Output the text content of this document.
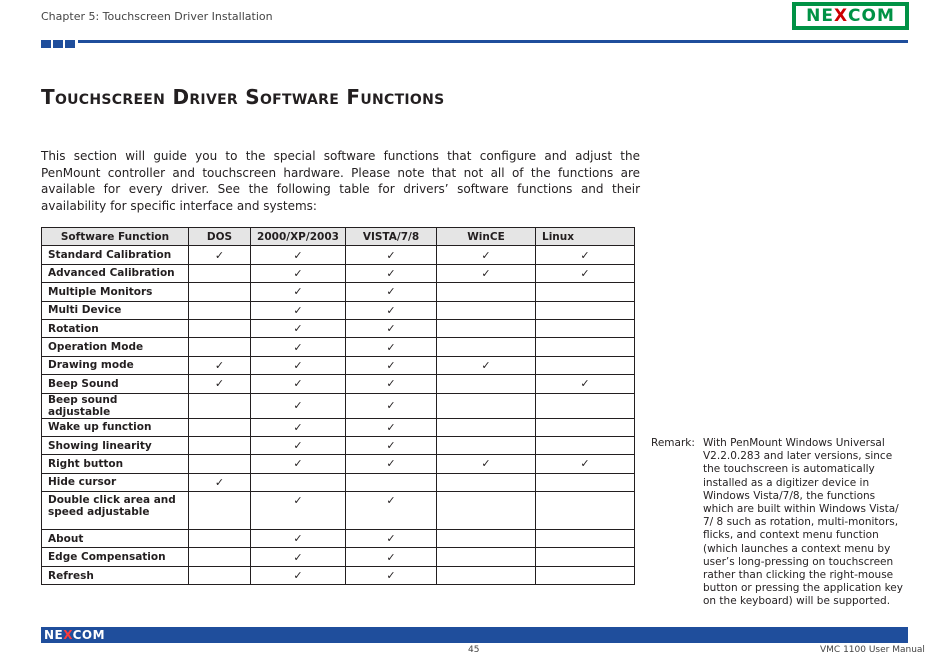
Chapter 5: Touchscreen Driver Installation	NE X COM
Touchscreen Driver Software Functions
This section will guide you to the special software functions that configure and adjust the PenMount controller and touchscreen hardware. Please note that not all of the functions are available for every driver. See the following table for drivers’ software functions and their availability for specific interface and systems:
Software Function	DOS	2000/XP/2003	VISTA/7/8	WinCE	Linux
Standard Calibration	✓	✓	✓	✓	✓
Advanced Calibration		✓	✓	✓	✓
Multiple Monitors		✓	✓		
Multi Device		✓	✓		
Rotation		✓	✓		
Operation Mode		✓	✓		
Drawing mode	✓	✓	✓	✓	
Beep Sound	✓	✓	✓		✓
Beep sound adjustable		✓	✓		
Wake up function		✓	✓		
Showing linearity		✓	✓		
Right button		✓	✓	✓	✓
Hide cursor	✓				
Double click area and
speed adjustable		✓	✓		
About		✓	✓		
Edge Compensation		✓	✓		
Refresh		✓	✓		
Remark: With PenMount Windows Universal V2.2.0.283 and later versions, since the touchscreen is automatically installed as a digitizer device in Windows Vista/7/8, the functions which are built within Windows Vista/ 7/ 8 such as rotation, multi-monitors, flicks, and context menu function (which launches a context menu by user’s long-pressing on touchscreen rather than clicking the right-mouse button or pressing the application key on the keyboard) will be supported.
NEXCOM
45	VMC 1100 User Manual
